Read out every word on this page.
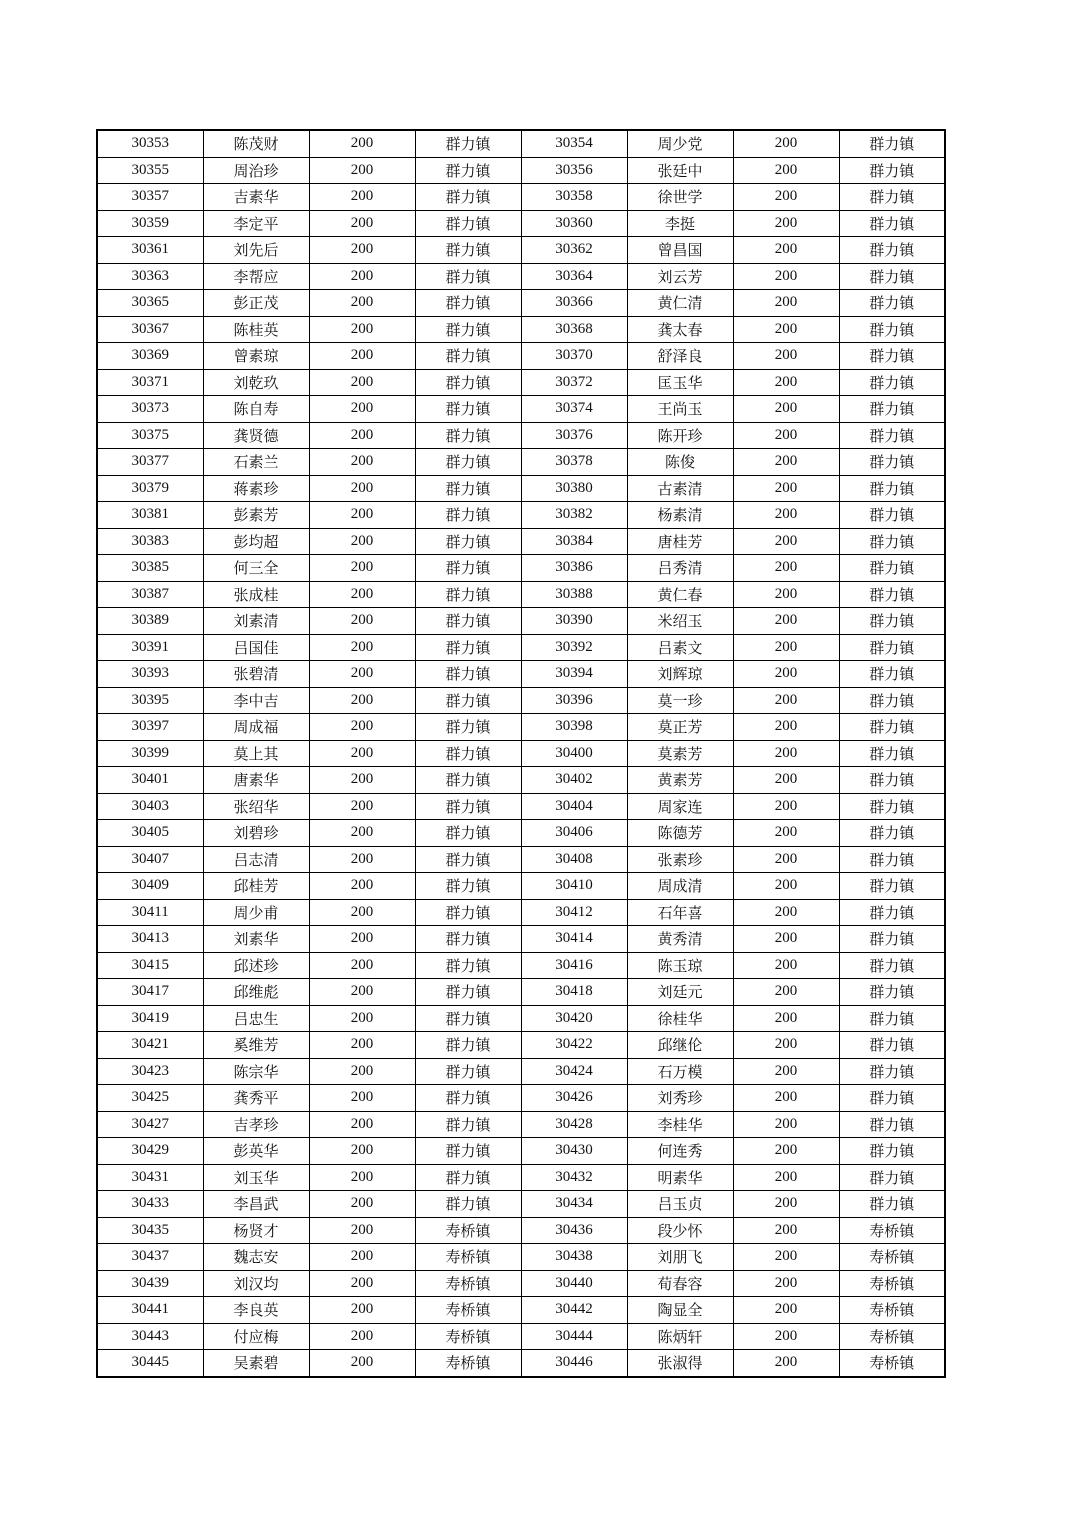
30353	陈茂财	200	群力镇	30354	周少党	200	群力镇
30355	周治珍	200	群力镇	30356	张廷中	200	群力镇
30357	吉素华	200	群力镇	30358	徐世学	200	群力镇
30359	李定平	200	群力镇	30360	李挺	200	群力镇
30361	刘先后	200	群力镇	30362	曾昌国	200	群力镇
30363	李帮应	200	群力镇	30364	刘云芳	200	群力镇
30365	彭正茂	200	群力镇	30366	黄仁清	200	群力镇
30367	陈桂英	200	群力镇	30368	龚太春	200	群力镇
30369	曾素琼	200	群力镇	30370	舒泽良	200	群力镇
30371	刘乾玖	200	群力镇	30372	匡玉华	200	群力镇
30373	陈自寿	200	群力镇	30374	王尚玉	200	群力镇
30375	龚贤德	200	群力镇	30376	陈开珍	200	群力镇
30377	石素兰	200	群力镇	30378	陈俊	200	群力镇
30379	蒋素珍	200	群力镇	30380	古素清	200	群力镇
30381	彭素芳	200	群力镇	30382	杨素清	200	群力镇
30383	彭均超	200	群力镇	30384	唐桂芳	200	群力镇
30385	何三全	200	群力镇	30386	吕秀清	200	群力镇
30387	张成桂	200	群力镇	30388	黄仁春	200	群力镇
30389	刘素清	200	群力镇	30390	米绍玉	200	群力镇
30391	吕国佳	200	群力镇	30392	吕素文	200	群力镇
30393	张碧清	200	群力镇	30394	刘辉琼	200	群力镇
30395	李中吉	200	群力镇	30396	莫一珍	200	群力镇
30397	周成福	200	群力镇	30398	莫正芳	200	群力镇
30399	莫上其	200	群力镇	30400	莫素芳	200	群力镇
30401	唐素华	200	群力镇	30402	黄素芳	200	群力镇
30403	张绍华	200	群力镇	30404	周家连	200	群力镇
30405	刘碧珍	200	群力镇	30406	陈德芳	200	群力镇
30407	吕志清	200	群力镇	30408	张素珍	200	群力镇
30409	邱桂芳	200	群力镇	30410	周成清	200	群力镇
30411	周少甫	200	群力镇	30412	石年喜	200	群力镇
30413	刘素华	200	群力镇	30414	黄秀清	200	群力镇
30415	邱述珍	200	群力镇	30416	陈玉琼	200	群力镇
30417	邱维彪	200	群力镇	30418	刘廷元	200	群力镇
30419	吕忠生	200	群力镇	30420	徐桂华	200	群力镇
30421	奚维芳	200	群力镇	30422	邱继伦	200	群力镇
30423	陈宗华	200	群力镇	30424	石万模	200	群力镇
30425	龚秀平	200	群力镇	30426	刘秀珍	200	群力镇
30427	吉孝珍	200	群力镇	30428	李桂华	200	群力镇
30429	彭英华	200	群力镇	30430	何连秀	200	群力镇
30431	刘玉华	200	群力镇	30432	明素华	200	群力镇
30433	李昌武	200	群力镇	30434	吕玉贞	200	群力镇
30435	杨贤才	200	寿桥镇	30436	段少怀	200	寿桥镇
30437	魏志安	200	寿桥镇	30438	刘朋飞	200	寿桥镇
30439	刘汉均	200	寿桥镇	30440	荀春容	200	寿桥镇
30441	李良英	200	寿桥镇	30442	陶显全	200	寿桥镇
30443	付应梅	200	寿桥镇	30444	陈炳轩	200	寿桥镇
30445	吴素碧	200	寿桥镇	30446	张淑得	200	寿桥镇
